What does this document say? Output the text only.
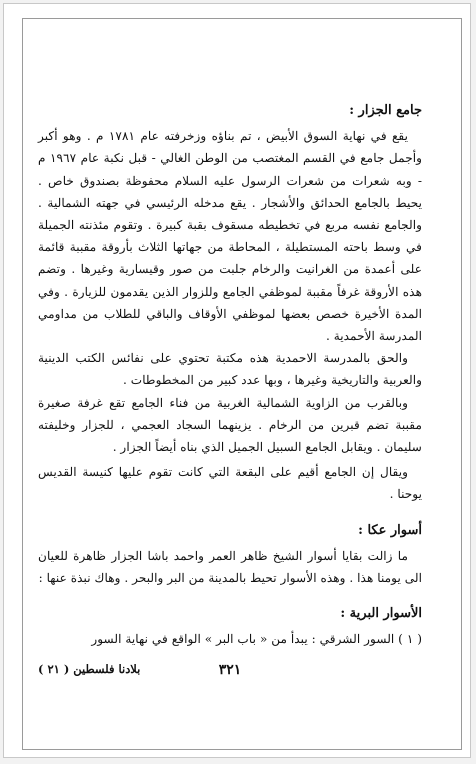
جامع الجزار :

يقع في نهاية السوق الأبيض ، تم بناؤه وزخرفته عام ١٧٨١ م . وهو أكبر وأجمل جامع في القسم المغتصب من الوطن الغالي - قبل نكبة عام ١٩٦٧ م - وبه شعرات من شعرات الرسول عليه السلام محفوظة بصندوق خاص . يحيط بالجامع الحدائق والأشجار . يقع مدخله الرئيسي في جهته الشمالية . والجامع نفسه مربع في تخطيطه مسقوف بقبة كبيرة . وتقوم مئذنته الجميلة في وسط باحته المستطيلة ، المحاطة من جهاتها الثلاث بأروقة مقببة قائمة على أعمدة من الغرانيت والرخام جلبت من صور وقيسارية وغيرها . وتضم هذه الأروقة غرفاً مقببة لموظفي الجامع وللزوار الذين يقدمون للزيارة . وفي المدة الأخيرة خصص بعضها لموظفي الأوقاف والباقي للطلاب من مداومي المدرسة الأحمدية .

والحق بالمدرسة الاحمدية هذه مكتبة تحتوي على نفائس الكتب الدينية والعربية والتاريخية وغيرها ، وبها عدد كبير من المخطوطات .

وبالقرب من الزاوية الشمالية الغربية من فناء الجامع تقع غرفة صغيرة مقببة تضم قبرين من الرخام . يزينهما السجاد العجمي ، للجزار وخليفته سليمان . ويقابل الجامع السبيل الجميل الذي بناه أيضاً الجزار .

ويقال إن الجامع أقيم على البقعة التي كانت تقوم عليها كنيسة القديس يوحنا .

أسوار عكا :

ما زالت بقايا أسوار الشيخ ظاهر العمر واحمد باشا الجزار ظاهرة للعيان الى يومنا هذا . وهذه الأسوار تحيط بالمدينة من البر والبحر . وهاك نبذة عنها :

الأسوار البرية :

( ١ ) السور الشرقي : يبدأ من « باب البر » الواقع في نهاية السور

٣٢١
بلادنا فلسطين ( ٢١ )
